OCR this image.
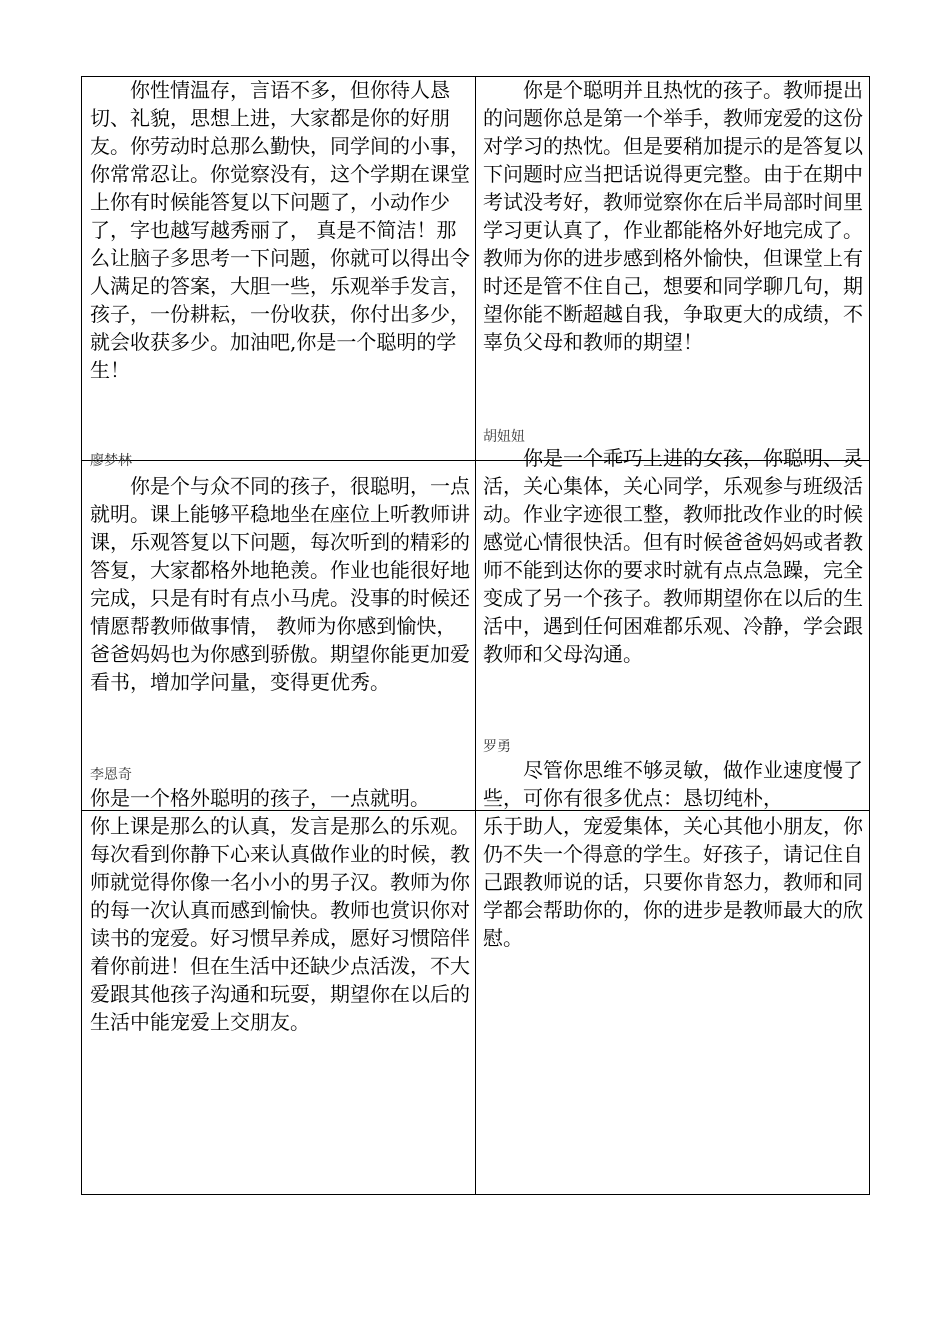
你性情温存，言语不多，但你待人恳切、礼貌，思想上进，大家都是你的好朋友。你劳动时总那么勤快，同学间的小事，你常常忍让。你觉察没有，这个学期在课堂上你有时候能答复以下问题了，小动作少了，字也越写越秀丽了， 真是不简洁！那么让脑子多思考一下问题，你就可以得出令人满足的答案，大胆一些，乐观举手发言，孩子，一份耕耘，一份收获，你付出多少，就会收获多少。加油吧,你是一个聪明的学生！

廖梦林

你是个聪明并且热忱的孩子。教师提出的问题你总是第一个举手，教师宠爱的这份对学习的热忱。但是要稍加提示的是答复以下问题时应当把话说得更完整。由于在期中考试没考好，教师觉察你在后半局部时间里学习更认真了，作业都能格外好地完成了。教师为你的进步感到格外愉快，但课堂上有时还是管不住自己，想要和同学聊几句，期望你能不断超越自我，争取更大的成绩，不辜负父母和教师的期望！

胡妞妞

你是个与众不同的孩子，很聪明，一点就明。课上能够平稳地坐在座位上听教师讲课，乐观答复以下问题，每次听到的精彩的答复，大家都格外地艳羡。作业也能很好地完成，只是有时有点小马虎。没事的时候还情愿帮教师做事情， 教师为你感到愉快，爸爸妈妈也为你感到骄傲。期望你能更加爱看书，增加学问量，变得更优秀。

李恩奇

你是一个乖巧上进的女孩，你聪明、灵活，关心集体，关心同学，乐观参与班级活动。作业字迹很工整，教师批改作业的时候感觉心情很快活。但有时候爸爸妈妈或者教师不能到达你的要求时就有点点急躁，完全变成了另一个孩子。教师期望你在以后的生活中，遇到任何困难都乐观、冷静，学会跟教师和父母沟通。

罗勇

你是一个格外聪明的孩子，一点就明。

你上课是那么的认真，发言是那么的乐观。每次看到你静下心来认真做作业的时候，教师就觉得你像一名小小的男子汉。教师为你的每一次认真而感到愉快。教师也赏识你对读书的宠爱。好习惯早养成，愿好习惯陪伴着你前进！但在生活中还缺少点活泼，不大爱跟其他孩子沟通和玩耍，期望你在以后的生活中能宠爱上交朋友。

尽管你思维不够灵敏，做作业速度慢了些，可你有很多优点：恳切纯朴，

乐于助人，宠爱集体，关心其他小朋友，你仍不失一个得意的学生。好孩子，请记住自己跟教师说的话，只要你肯怒力，教师和同学都会帮助你的，你的进步是教师最大的欣慰。
